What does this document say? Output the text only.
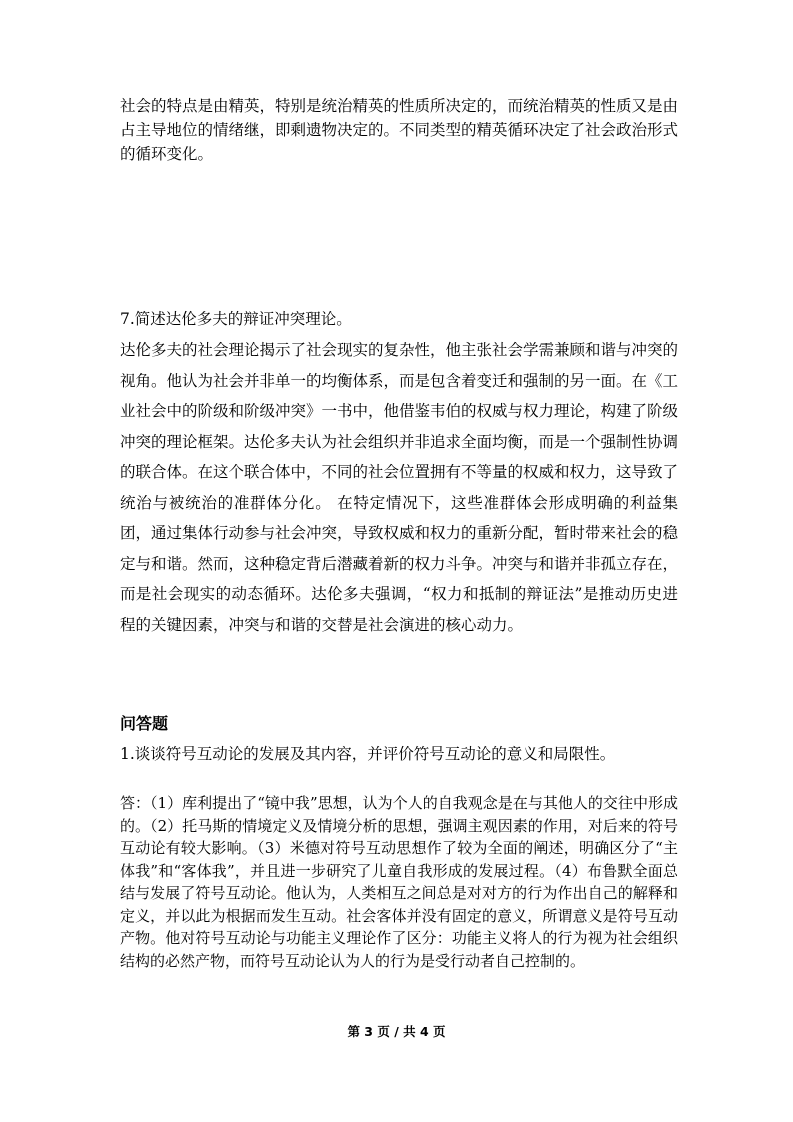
社会的特点是由精英，特别是统治精英的性质所决定的，而统治精英的性质又是由占主导地位的情绪继，即剩遗物决定的。不同类型的精英循环决定了社会政治形式的循环变化。

7.简述达伦多夫的辩证冲突理论。

达伦多夫的社会理论揭示了社会现实的复杂性，他主张社会学需兼顾和谐与冲突的视角。他认为社会并非单一的均衡体系，而是包含着变迁和强制的另一面。在《工业社会中的阶级和阶级冲突》一书中，他借鉴韦伯的权威与权力理论，构建了阶级冲突的理论框架。达伦多夫认为社会组织并非追求全面均衡，而是一个强制性协调的联合体。在这个联合体中，不同的社会位置拥有不等量的权威和权力，这导致了统治与被统治的准群体分化。 在特定情况下，这些准群体会形成明确的利益集团，通过集体行动参与社会冲突，导致权威和权力的重新分配，暂时带来社会的稳定与和谐。然而，这种稳定背后潜藏着新的权力斗争。冲突与和谐并非孤立存在，而是社会现实的动态循环。达伦多夫强调，“权力和抵制的辩证法”是推动历史进程的关键因素，冲突与和谐的交替是社会演进的核心动力。

问答题

1.谈谈符号互动论的发展及其内容，并评价符号互动论的意义和局限性。

答：（1）库利提出了“镜中我”思想，认为个人的自我观念是在与其他人的交往中形成的。（2）托马斯的情境定义及情境分析的思想，强调主观因素的作用，对后来的符号互动论有较大影响。（3）米德对符号互动思想作了较为全面的阐述，明确区分了“主体我”和“客体我”，并且进一步研究了儿童自我形成的发展过程。（4）布鲁默全面总结与发展了符号互动论。他认为，人类相互之间总是对对方的行为作出自己的解释和定义，并以此为根据而发生互动。社会客体并没有固定的意义，所谓意义是符号互动产物。他对符号互动论与功能主义理论作了区分：功能主义将人的行为视为社会组织结构的必然产物，而符号互动论认为人的行为是受行动者自己控制的。

第 3 页 / 共 4 页
